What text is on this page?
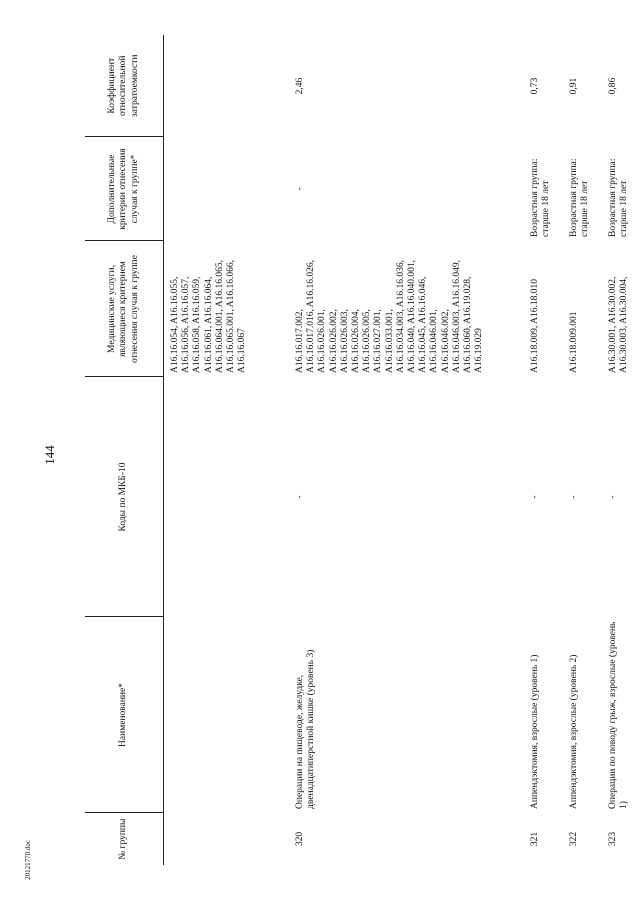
144
№ группы	Наименование*	Коды по МКБ-10	Медицинские услуги, являющиеся критерием отнесения случая к группе	Дополнительные критерии отнесения случая к группе*	Коэффициент относительной затратоемкости
			A16.16.054, A16.16.055, A16.16.056, A16.16.057, A16.16.058, A16.16.059, A16.16.061, A16.16.064, A16.16.064.001, A16.16.065, A16.16.065.001, A16.16.066, A16.16.067		
320	Операции на пищеводе, желудке, двенадцатиперстной кишке (уровень 3)	-	A16.16.017.002, A16.16.017.016, A16.16.026, A16.16.026.001, A16.16.026.002, A16.16.026.003, A16.16.026.004, A16.16.026.005, A16.16.027.001, A16.16.033.001, A16.16.034.003, A16.16.036, A16.16.040, A16.16.040.001, A16.16.045, A16.16.046, A16.16.046.001, A16.16.046.002, A16.16.046.003, A16.16.049, A16.16.060, A16.19.028, A16.19.029	-	2,46
321	Аппендэктомия, взрослые (уровень 1)	-	A16.18.009, A16.18.010	Возрастная группа: старше 18 лет	0,73
322	Аппендэктомия, взрослые (уровень 2)	-	A16.18.009.001	Возрастная группа: старше 18 лет	0,91
323	Операции по поводу грыж, взрослые (уровень 1)	-	A16.30.001, A16.30.002, A16.30.003, A16.30.004,	Возрастная группа: старше 18 лет	0,86
20121770.doc
